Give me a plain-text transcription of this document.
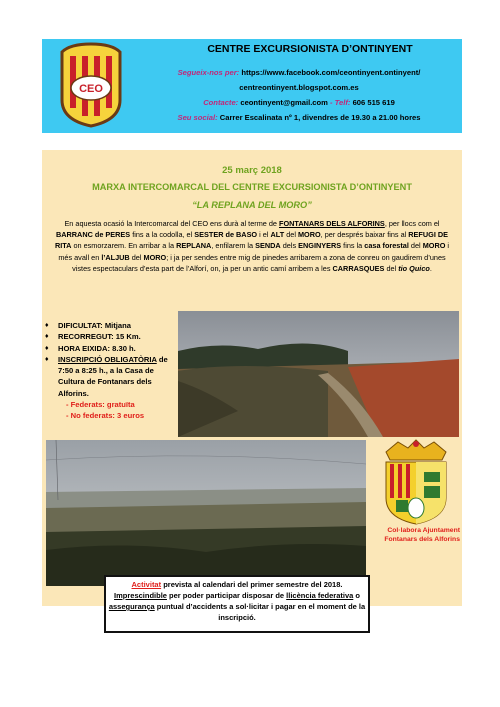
CEO
CENTRE EXCURSIONISTA D’ONTINYENT
Segueix-nos per: https://www.facebook.com/ceontinyent.ontinyent/
centreontinyent.blogspot.com.es
Contacte: ceontinyent@gmail.com - Telf: 606 515 619
Seu social: Carrer Escalinata nº 1, divendres de 19.30 a 21.00 hores
25 març 2018
MARXA INTERCOMARCAL DEL CENTRE EXCURSIONISTA D’ONTINYENT
“LA REPLANA DEL MORO”
En aquesta ocasió la Intercomarcal del CEO ens durà al terme de FONTANARS DELS ALFORINS, per llocs com el BARRANC de PERES fins a la codolla, el SESTER de BASO i el ALT del MORO, per després baixar fins al REFUGI DE RITA on esmorzarem. En arribar a la REPLANA, enfilarem la SENDA dels ENGINYERS fins la casa forestal del MORO i més avall en l’ALJUB del MORO; i ja per sendes entre mig de pinedes arribarem a zona de conreu on gaudirem d’unes vistes espectaculars d’esta part de l’Alforí, on, ja per un antic camí arribem a les CARRASQUES del tio Quico.
♦ DIFICULTAT: Mitjana
♦ RECORREGUT: 15 Km.
♦ HORA EIXIDA: 8.30 h.
♦ INSCRIPCIÓ OBLIGATÒRIA de 7:50 a 8:25 h., a la Casa de Cultura de Fontanars dels Alforins.
- Federats: gratuïta
- No federats: 3 euros
Col·labora Ajuntament
Fontanars dels Alforins
Activitat prevista al calendari del primer semestre del 2018.
Imprescindible per poder participar disposar de llicència federativa o assegurança puntual d’accidents a sol·licitar i pagar en el moment de la inscripció.
